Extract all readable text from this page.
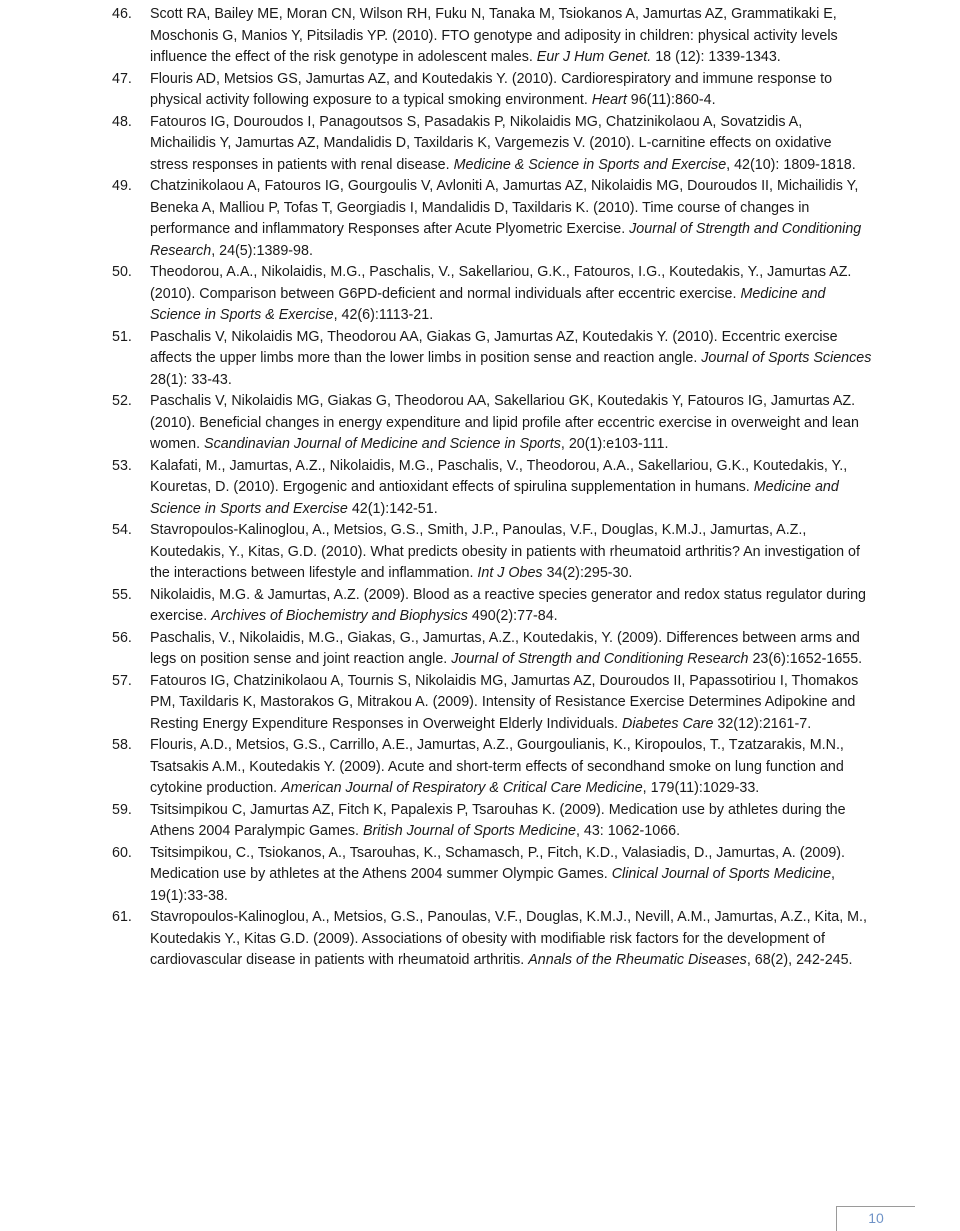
46. Scott RA, Bailey ME, Moran CN, Wilson RH, Fuku N, Tanaka M, Tsiokanos A, Jamurtas AZ, Grammatikaki E, Moschonis G, Manios Y, Pitsiladis YP. (2010). FTO genotype and adiposity in children: physical activity levels influence the effect of the risk genotype in adolescent males. Eur J Hum Genet. 18 (12): 1339-1343.
47. Flouris AD, Metsios GS, Jamurtas AZ, and Koutedakis Y. (2010). Cardiorespiratory and immune response to physical activity following exposure to a typical smoking environment. Heart 96(11):860-4.
48. Fatouros IG, Douroudos I, Panagoutsos S, Pasadakis P, Nikolaidis MG, Chatzinikolaou A, Sovatzidis A, Michailidis Y, Jamurtas AZ, Mandalidis D, Taxildaris K, Vargemezis V. (2010). L-carnitine effects on oxidative stress responses in patients with renal disease. Medicine & Science in Sports and Exercise, 42(10): 1809-1818.
49. Chatzinikolaou A, Fatouros IG, Gourgoulis V, Avloniti A, Jamurtas AZ, Nikolaidis MG, Douroudos II, Michailidis Y, Beneka A, Malliou P, Tofas T, Georgiadis I, Mandalidis D, Taxildaris K. (2010). Time course of changes in performance and inflammatory Responses after Acute Plyometric Exercise. Journal of Strength and Conditioning Research, 24(5):1389-98.
50. Theodorou, A.A., Nikolaidis, M.G., Paschalis, V., Sakellariou, G.K., Fatouros, I.G., Koutedakis, Y., Jamurtas AZ. (2010). Comparison between G6PD-deficient and normal individuals after eccentric exercise. Medicine and Science in Sports & Exercise, 42(6):1113-21.
51. Paschalis V, Nikolaidis MG, Theodorou AA, Giakas G, Jamurtas AZ, Koutedakis Y. (2010). Eccentric exercise affects the upper limbs more than the lower limbs in position sense and reaction angle. Journal of Sports Sciences 28(1): 33-43.
52. Paschalis V, Nikolaidis MG, Giakas G, Theodorou AA, Sakellariou GK, Koutedakis Y, Fatouros IG, Jamurtas AZ. (2010). Beneficial changes in energy expenditure and lipid profile after eccentric exercise in overweight and lean women. Scandinavian Journal of Medicine and Science in Sports, 20(1):e103-111.
53. Kalafati, M., Jamurtas, A.Z., Nikolaidis, M.G., Paschalis, V., Theodorou, A.A., Sakellariou, G.K., Koutedakis, Y., Kouretas, D. (2010). Ergogenic and antioxidant effects of spirulina supplementation in humans. Medicine and Science in Sports and Exercise 42(1):142-51.
54. Stavropoulos-Kalinoglou, A., Metsios, G.S., Smith, J.P., Panoulas, V.F., Douglas, K.M.J., Jamurtas, A.Z., Koutedakis, Y., Kitas, G.D. (2010). What predicts obesity in patients with rheumatoid arthritis? An investigation of the interactions between lifestyle and inflammation. Int J Obes 34(2):295-30.
55. Nikolaidis, M.G. & Jamurtas, A.Z. (2009). Blood as a reactive species generator and redox status regulator during exercise. Archives of Biochemistry and Biophysics 490(2):77-84.
56. Paschalis, V., Nikolaidis, M.G., Giakas, G., Jamurtas, A.Z., Koutedakis, Y. (2009). Differences between arms and legs on position sense and joint reaction angle. Journal of Strength and Conditioning Research 23(6):1652-1655.
57. Fatouros IG, Chatzinikolaou A, Tournis S, Nikolaidis MG, Jamurtas AZ, Douroudos II, Papassotiriou I, Thomakos PM, Taxildaris K, Mastorakos G, Mitrakou A. (2009). Intensity of Resistance Exercise Determines Adipokine and Resting Energy Expenditure Responses in Overweight Elderly Individuals. Diabetes Care 32(12):2161-7.
58. Flouris, A.D., Metsios, G.S., Carrillo, A.E., Jamurtas, A.Z., Gourgoulianis, K., Kiropoulos, T., Tzatzarakis, M.N., Tsatsakis A.M., Koutedakis Y. (2009). Acute and short-term effects of secondhand smoke on lung function and cytokine production. American Journal of Respiratory & Critical Care Medicine, 179(11):1029-33.
59. Tsitsimpikou C, Jamurtas AZ, Fitch K, Papalexis P, Tsarouhas K. (2009). Medication use by athletes during the Athens 2004 Paralympic Games. British Journal of Sports Medicine, 43: 1062-1066.
60. Tsitsimpikou, C., Tsiokanos, A., Tsarouhas, K., Schamasch, P., Fitch, K.D., Valasiadis, D., Jamurtas, A. (2009). Medication use by athletes at the Athens 2004 summer Olympic Games. Clinical Journal of Sports Medicine, 19(1):33-38.
61. Stavropoulos-Kalinoglou, A., Metsios, G.S., Panoulas, V.F., Douglas, K.M.J., Nevill, A.M., Jamurtas, A.Z., Kita, M., Koutedakis Y., Kitas G.D. (2009). Associations of obesity with modifiable risk factors for the development of cardiovascular disease in patients with rheumatoid arthritis. Annals of the Rheumatic Diseases, 68(2), 242-245.
10
